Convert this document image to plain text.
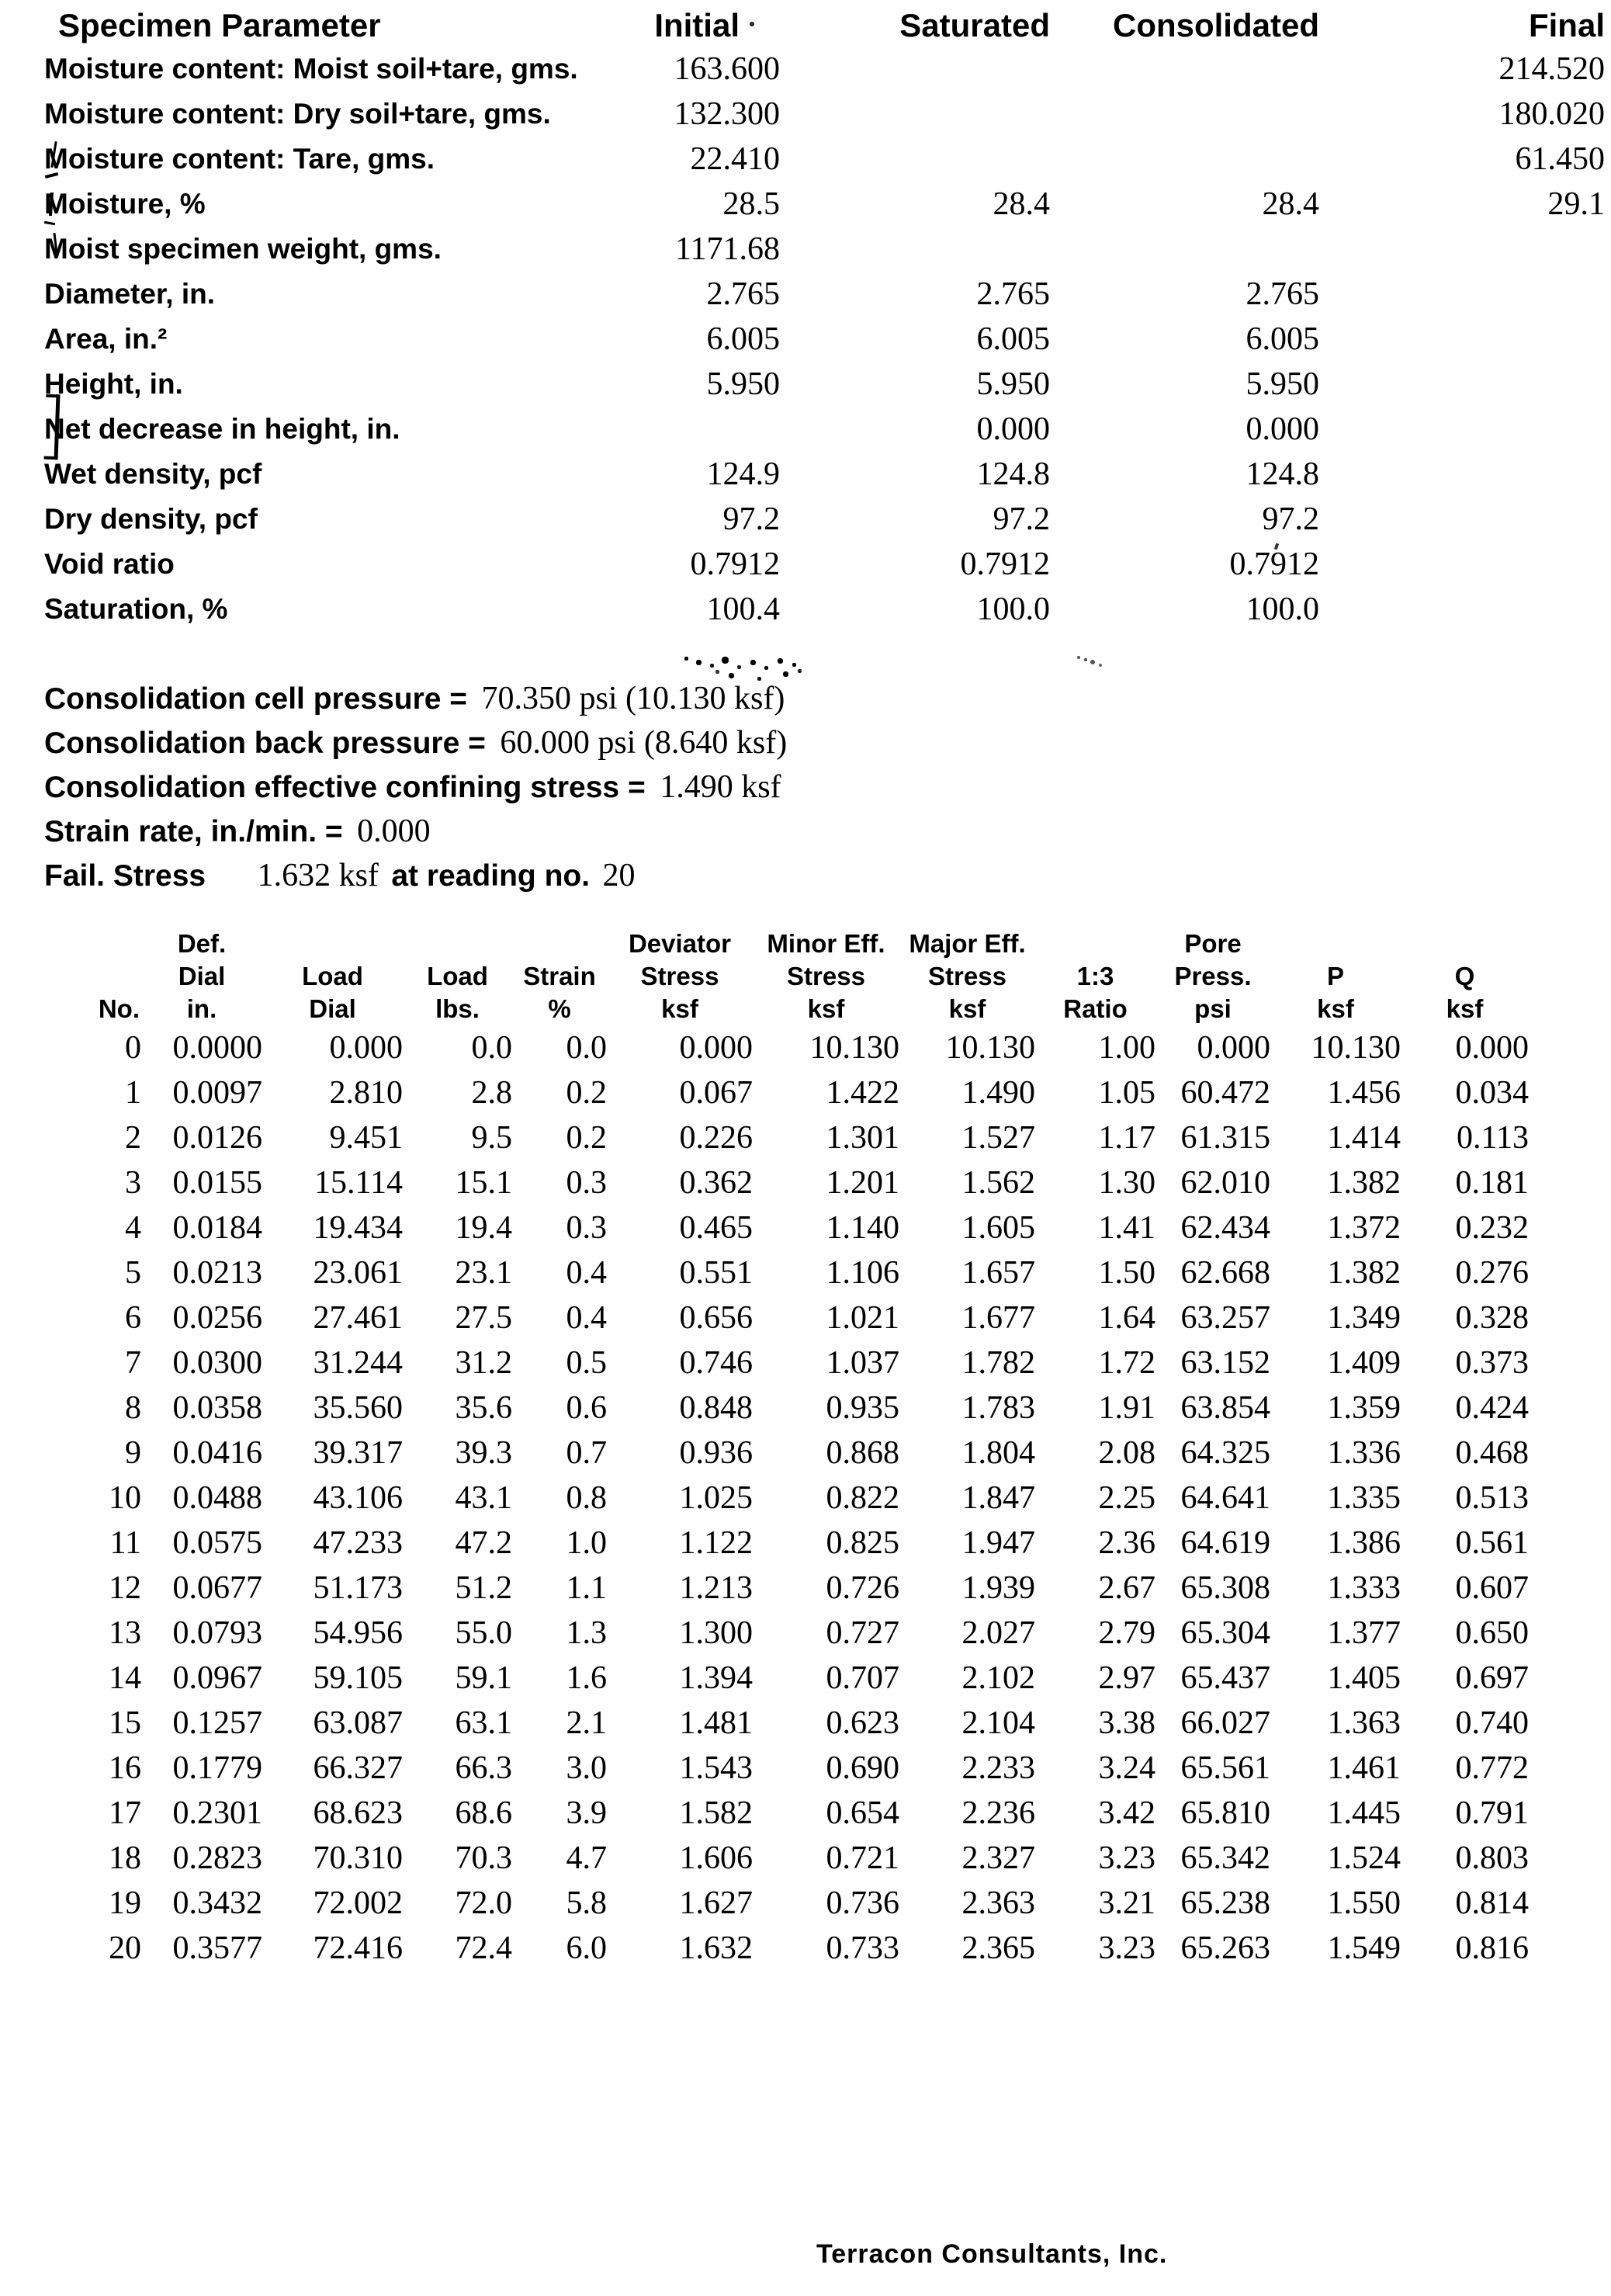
Specimen Parameter	Initial	Saturated	Consolidated	Final
Moisture content: Moist soil+tare, gms.	163.600			214.520
Moisture content: Dry soil+tare, gms.	132.300			180.020
Moisture content: Tare, gms.	22.410			61.450
Moisture, %	28.5	28.4	28.4	29.1
Moist specimen weight, gms.	1171.68			
Diameter, in.	2.765	2.765	2.765	
Area, in.²	6.005	6.005	6.005	
Height, in.	5.950	5.950	5.950	
Net decrease in height, in.		0.000	0.000	
Wet density, pcf	124.9	124.8	124.8	
Dry density, pcf	97.2	97.2	97.2	
Void ratio	0.7912	0.7912	0.7912	
Saturation, %	100.4	100.0	100.0	
Consolidation cell pressure = 70.350 psi (10.130 ksf)
Consolidation back pressure = 60.000 psi (8.640 ksf)
Consolidation effective confining stress = 1.490 ksf
Strain rate, in./min. = 0.000
Fail. Stress 1.632 ksf at reading no. 20
	Def.				Deviator	Minor Eff.	Major Eff.		Pore		
	Dial	Load	Load	Strain	Stress	Stress	Stress	1:3	Press.	P	Q
No.	in.	Dial	lbs.	%	ksf	ksf	ksf	Ratio	psi	ksf	ksf
0	0.0000	0.000	0.0	0.0	0.000	10.130	10.130	1.00	0.000	10.130	0.000
1	0.0097	2.810	2.8	0.2	0.067	1.422	1.490	1.05	60.472	1.456	0.034
2	0.0126	9.451	9.5	0.2	0.226	1.301	1.527	1.17	61.315	1.414	0.113
3	0.0155	15.114	15.1	0.3	0.362	1.201	1.562	1.30	62.010	1.382	0.181
4	0.0184	19.434	19.4	0.3	0.465	1.140	1.605	1.41	62.434	1.372	0.232
5	0.0213	23.061	23.1	0.4	0.551	1.106	1.657	1.50	62.668	1.382	0.276
6	0.0256	27.461	27.5	0.4	0.656	1.021	1.677	1.64	63.257	1.349	0.328
7	0.0300	31.244	31.2	0.5	0.746	1.037	1.782	1.72	63.152	1.409	0.373
8	0.0358	35.560	35.6	0.6	0.848	0.935	1.783	1.91	63.854	1.359	0.424
9	0.0416	39.317	39.3	0.7	0.936	0.868	1.804	2.08	64.325	1.336	0.468
10	0.0488	43.106	43.1	0.8	1.025	0.822	1.847	2.25	64.641	1.335	0.513
11	0.0575	47.233	47.2	1.0	1.122	0.825	1.947	2.36	64.619	1.386	0.561
12	0.0677	51.173	51.2	1.1	1.213	0.726	1.939	2.67	65.308	1.333	0.607
13	0.0793	54.956	55.0	1.3	1.300	0.727	2.027	2.79	65.304	1.377	0.650
14	0.0967	59.105	59.1	1.6	1.394	0.707	2.102	2.97	65.437	1.405	0.697
15	0.1257	63.087	63.1	2.1	1.481	0.623	2.104	3.38	66.027	1.363	0.740
16	0.1779	66.327	66.3	3.0	1.543	0.690	2.233	3.24	65.561	1.461	0.772
17	0.2301	68.623	68.6	3.9	1.582	0.654	2.236	3.42	65.810	1.445	0.791
18	0.2823	70.310	70.3	4.7	1.606	0.721	2.327	3.23	65.342	1.524	0.803
19	0.3432	72.002	72.0	5.8	1.627	0.736	2.363	3.21	65.238	1.550	0.814
20	0.3577	72.416	72.4	6.0	1.632	0.733	2.365	3.23	65.263	1.549	0.816
Terracon Consultants, Inc.
